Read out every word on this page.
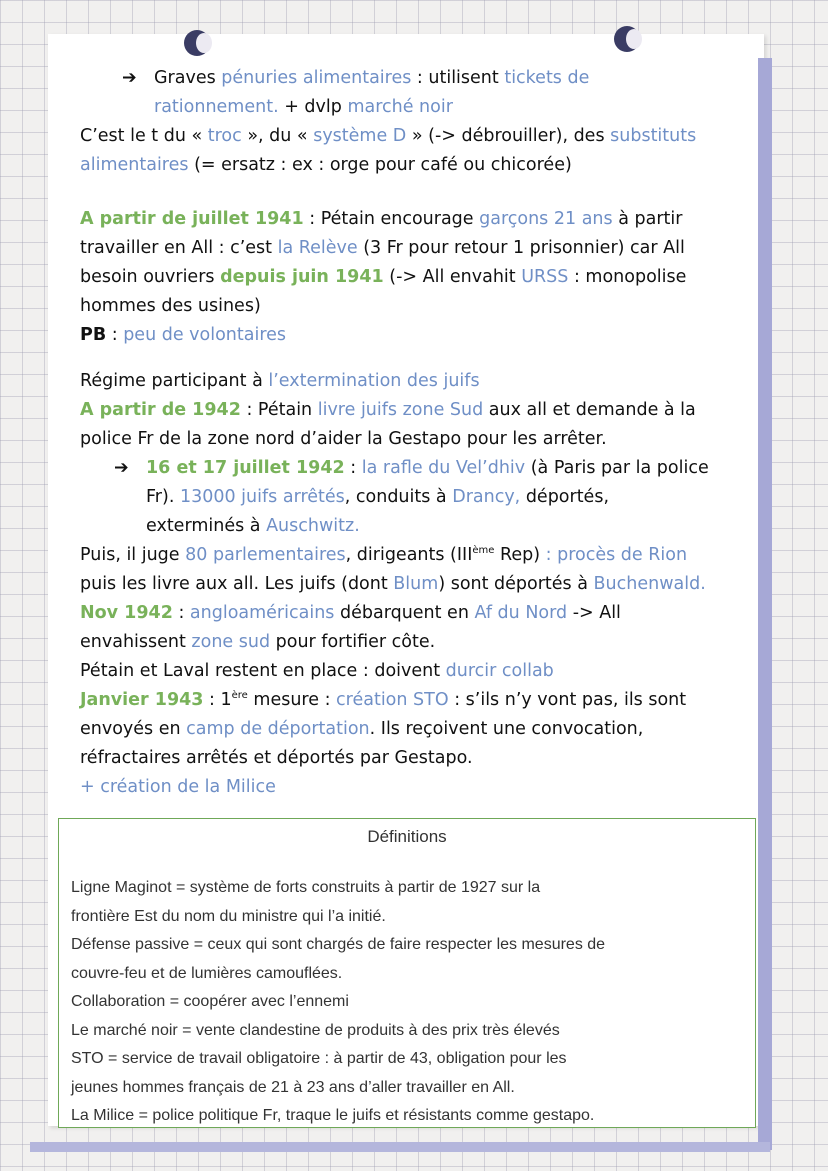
➔ Graves pénuries alimentaires : utilisent tickets de
rationnement. + dvlp marché noir
C’est le t du « troc », du « système D » (-> débrouiller), des substituts
alimentaires (= ersatz : ex : orge pour café ou chicorée)
A partir de juillet 1941 : Pétain encourage garçons 21 ans à partir
travailler en All : c’est la Relève (3 Fr pour retour 1 prisonnier) car All
besoin ouvriers depuis juin 1941 (-> All envahit URSS : monopolise
hommes des usines)
PB : peu de volontaires
Régime participant à l’extermination des juifs
A partir de 1942 : Pétain livre juifs zone Sud aux all et demande à la
police Fr de la zone nord d’aider la Gestapo pour les arrêter.
➔ 16 et 17 juillet 1942 : la rafle du Vel’dhiv (à Paris par la police
Fr). 13000 juifs arrêtés, conduits à Drancy, déportés,
exterminés à Auschwitz.
Puis, il juge 80 parlementaires, dirigeants (IIIème Rep) : procès de Rion
puis les livre aux all. Les juifs (dont Blum) sont déportés à Buchenwald.
Nov 1942 : angloaméricains débarquent en Af du Nord -> All
envahissent zone sud pour fortifier côte.
Pétain et Laval restent en place : doivent durcir collab
Janvier 1943 : 1ère mesure : création STO : s’ils n’y vont pas, ils sont
envoyés en camp de déportation. Ils reçoivent une convocation,
réfractaires arrêtés et déportés par Gestapo.
+ création de la Milice
Définitions
Ligne Maginot = système de forts construits à partir de 1927 sur la
frontière Est du nom du ministre qui l’a initié.
Défense passive = ceux qui sont chargés de faire respecter les mesures de
couvre-feu et de lumières camouflées.
Collaboration = coopérer avec l’ennemi
Le marché noir = vente clandestine de produits à des prix très élevés
STO = service de travail obligatoire : à partir de 43, obligation pour les
jeunes hommes français de 21 à 23 ans d’aller travailler en All.
La Milice = police politique Fr, traque le juifs et résistants comme gestapo.
